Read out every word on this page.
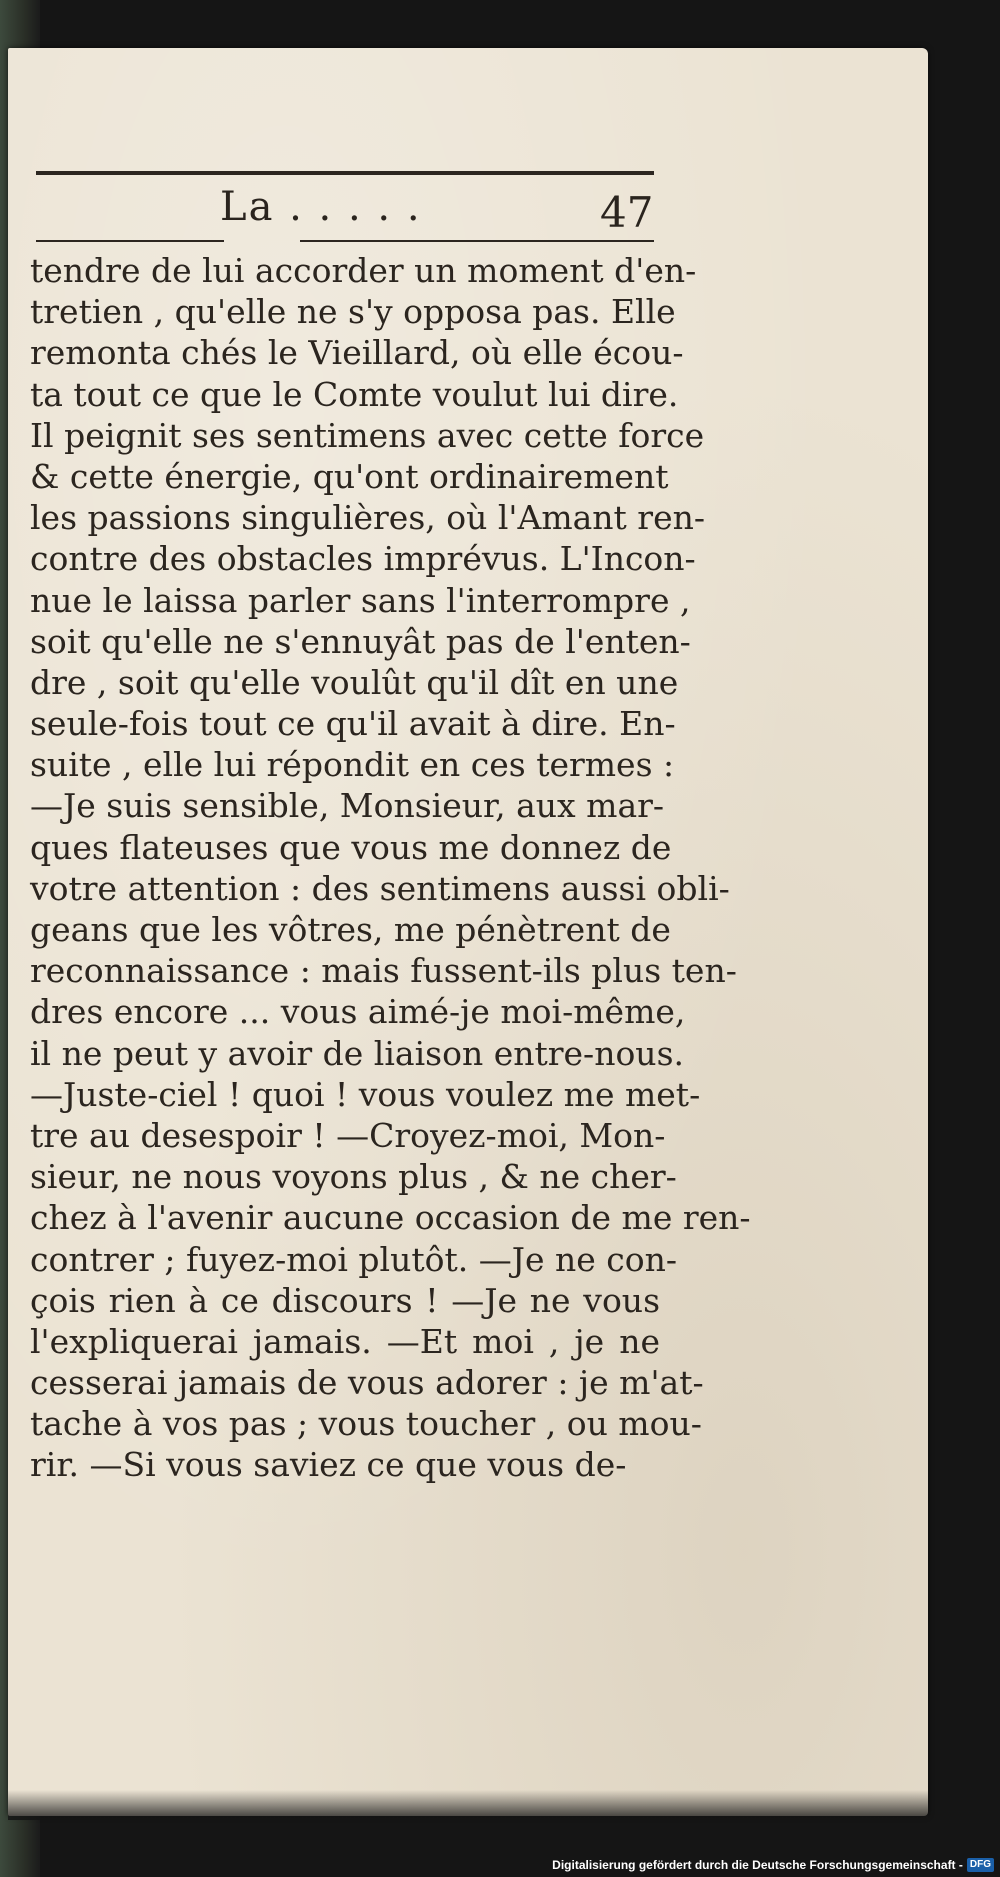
La . . . . .	47
tendre de lui accorder un moment d'en-
tretien , qu'elle ne s'y opposa pas. Elle
remonta chés le Vieillard, où elle écou-
ta tout ce que le Comte voulut lui dire.
Il peignit ses sentimens avec cette force
& cette énergie, qu'ont ordinairement
les passions singulières, où l'Amant ren-
contre des obstacles imprévus. L'Incon-
nue le laissa parler sans l'interrompre ,
soit qu'elle ne s'ennuyât pas de l'enten-
dre , soit qu'elle voulût qu'il dît en une
seule-fois tout ce qu'il avait à dire. En-
suite , elle lui répondit en ces termes :
—Je suis sensible, Monsieur, aux mar-
ques flateuses que vous me donnez de
votre attention : des sentimens aussi obli-
geans que les vôtres, me pénètrent de
reconnaissance : mais fussent-ils plus ten-
dres encore ... vous aimé-je moi-même,
il ne peut y avoir de liaison entre-nous.
—Juste-ciel ! quoi ! vous voulez me met-
tre au desespoir ! —Croyez-moi, Mon-
sieur, ne nous voyons plus , & ne cher-
chez à l'avenir aucune occasion de me ren-
contrer ; fuyez-moi plutôt. —Je ne con-
çois rien à ce discours ! —Je ne vous
l'expliquerai jamais. —Et moi , je ne
cesserai jamais de vous adorer : je m'at-
tache à vos pas ; vous toucher , ou mou-
rir. —Si vous saviez ce que vous de-
Digitalisierung gefördert durch die Deutsche Forschungsgemeinschaft - DFG
